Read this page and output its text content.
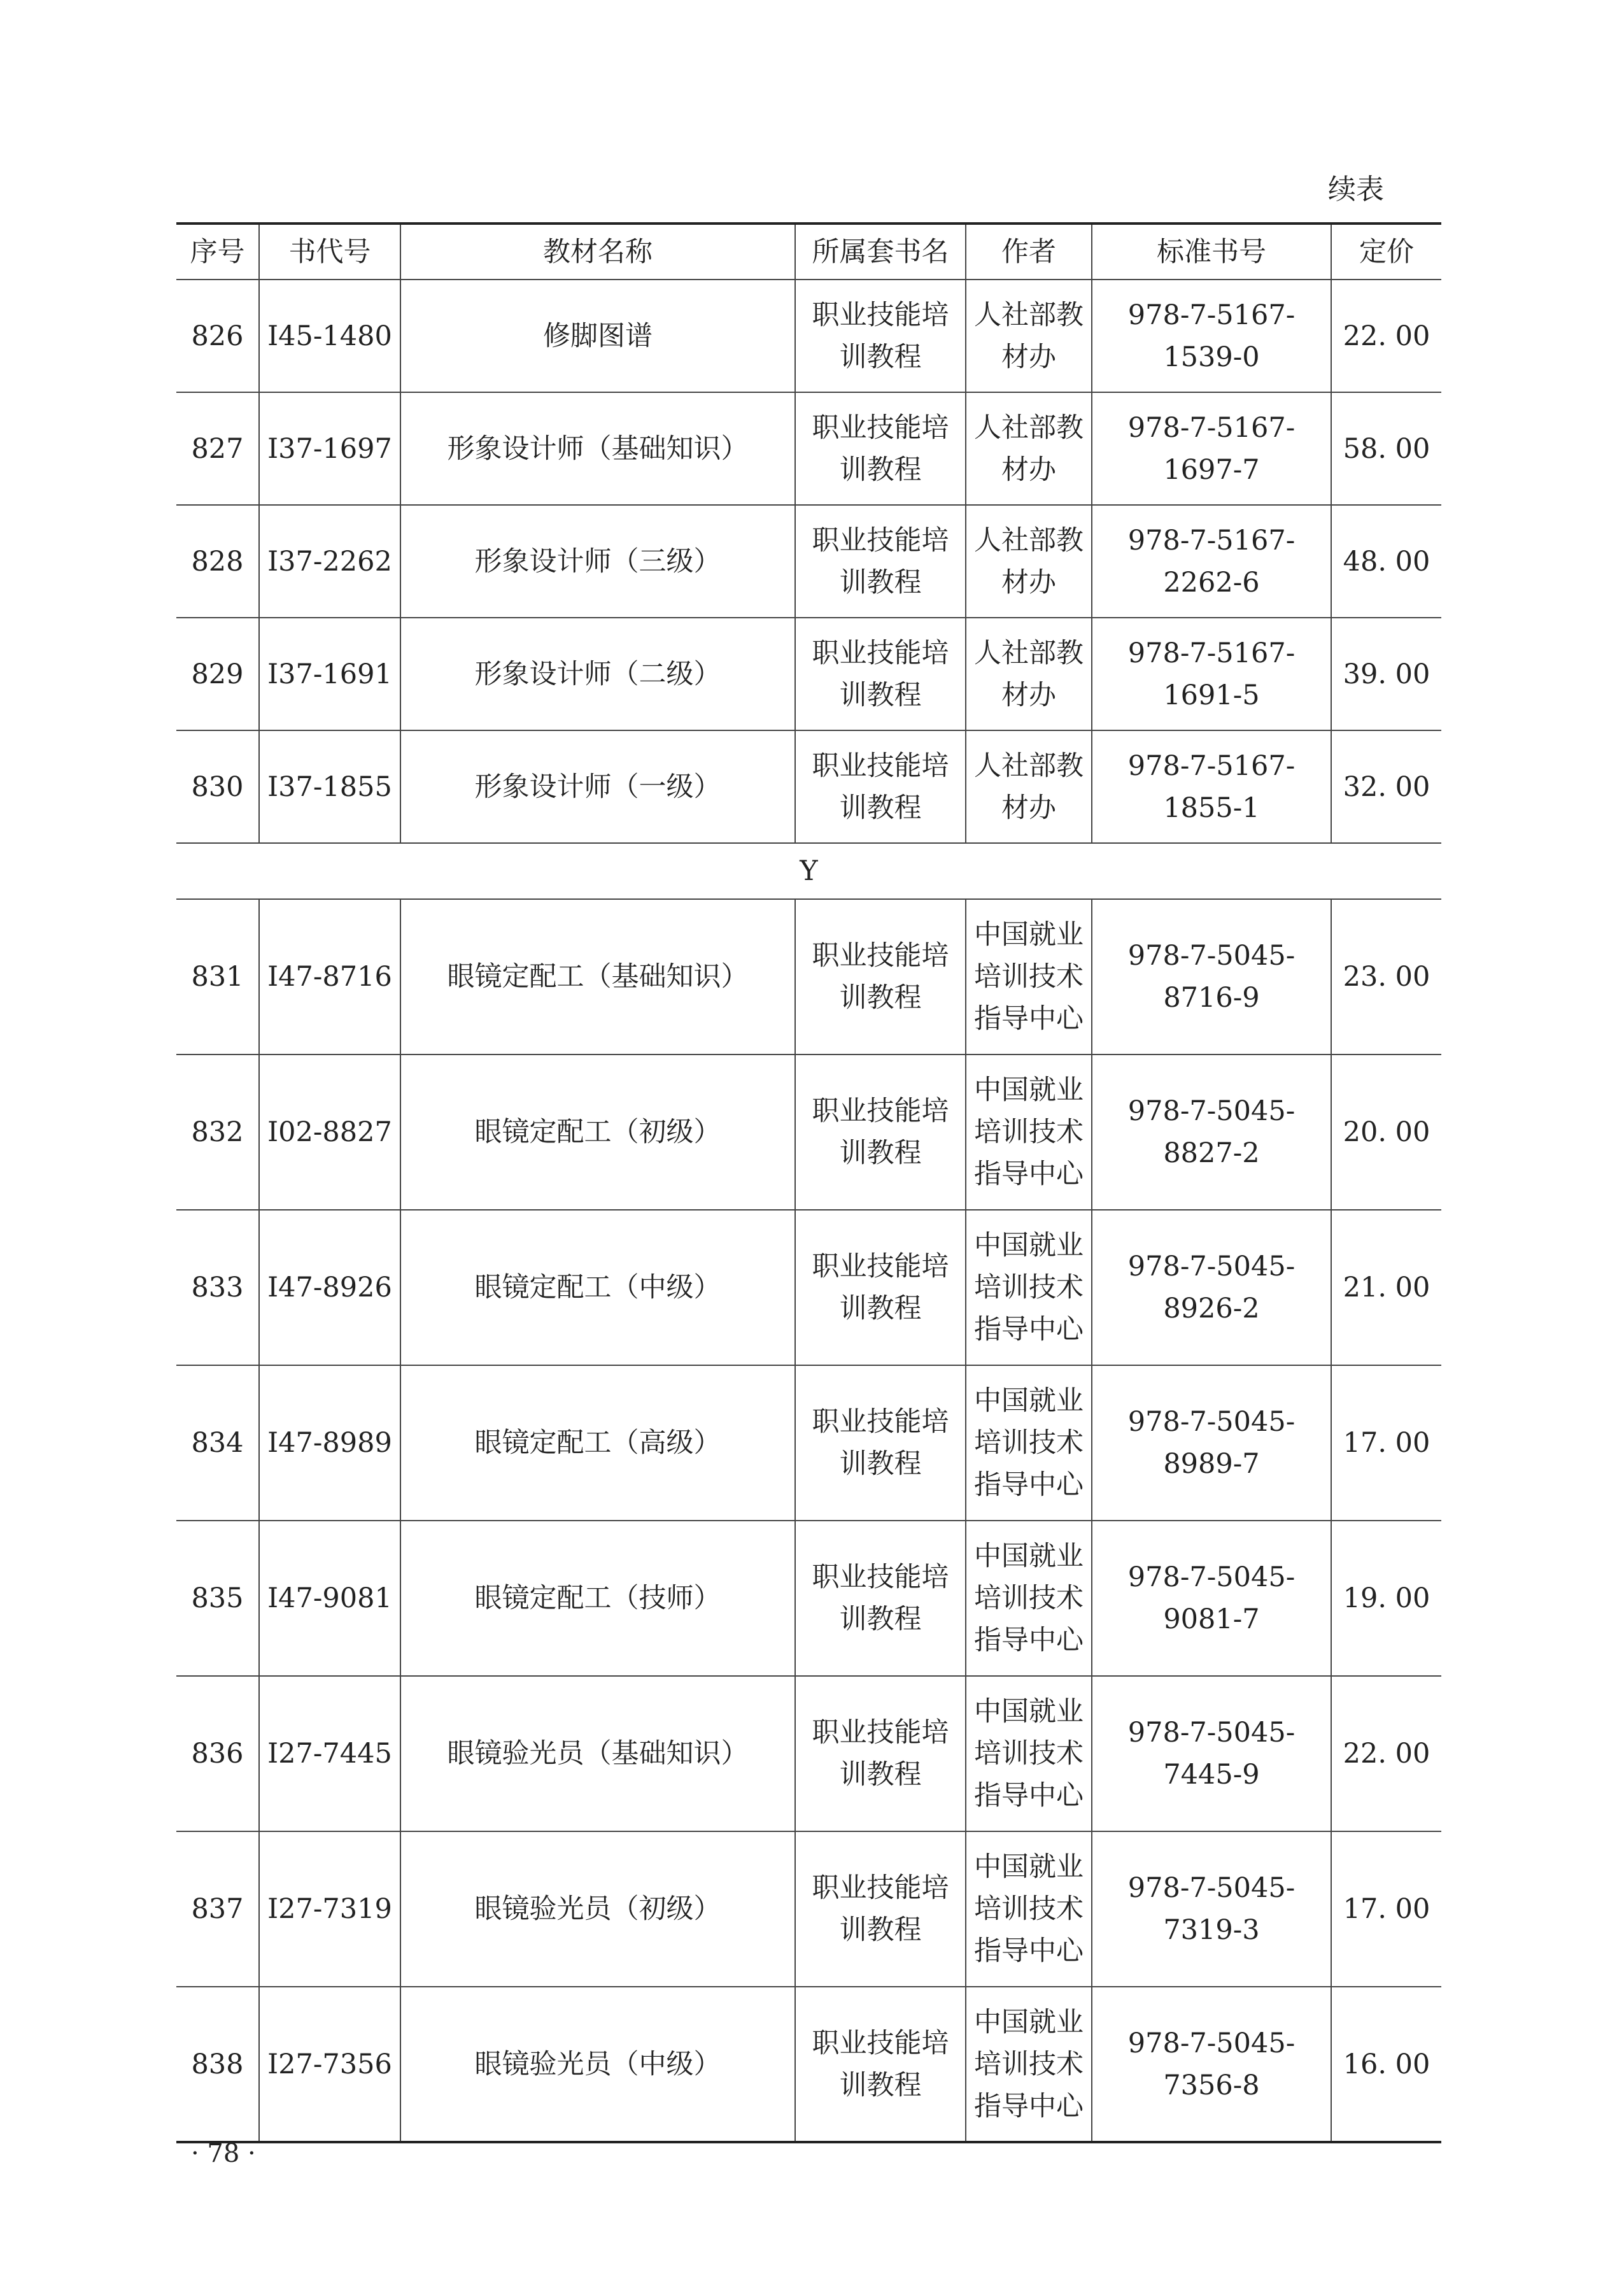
续表
序号	书代号	教材名称	所属套书名	作者	标准书号	定价
826	I45-1480	修脚图谱	职业技能培训教程	人社部教材办	978-7-5167-1539-0	22. 00
827	I37-1697	形象设计师（基础知识）	职业技能培训教程	人社部教材办	978-7-5167-1697-7	58. 00
828	I37-2262	形象设计师（三级）	职业技能培训教程	人社部教材办	978-7-5167-2262-6	48. 00
829	I37-1691	形象设计师（二级）	职业技能培训教程	人社部教材办	978-7-5167-1691-5	39. 00
830	I37-1855	形象设计师（一级）	职业技能培训教程	人社部教材办	978-7-5167-1855-1	32. 00
Y						
831	I47-8716	眼镜定配工（基础知识）	职业技能培训教程	中国就业培训技术指导中心	978-7-5045-8716-9	23. 00
832	I02-8827	眼镜定配工（初级）	职业技能培训教程	中国就业培训技术指导中心	978-7-5045-8827-2	20. 00
833	I47-8926	眼镜定配工（中级）	职业技能培训教程	中国就业培训技术指导中心	978-7-5045-8926-2	21. 00
834	I47-8989	眼镜定配工（高级）	职业技能培训教程	中国就业培训技术指导中心	978-7-5045-8989-7	17. 00
835	I47-9081	眼镜定配工（技师）	职业技能培训教程	中国就业培训技术指导中心	978-7-5045-9081-7	19. 00
836	I27-7445	眼镜验光员（基础知识）	职业技能培训教程	中国就业培训技术指导中心	978-7-5045-7445-9	22. 00
837	I27-7319	眼镜验光员（初级）	职业技能培训教程	中国就业培训技术指导中心	978-7-5045-7319-3	17. 00
838	I27-7356	眼镜验光员（中级）	职业技能培训教程	中国就业培训技术指导中心	978-7-5045-7356-8	16. 00
· 78 ·
